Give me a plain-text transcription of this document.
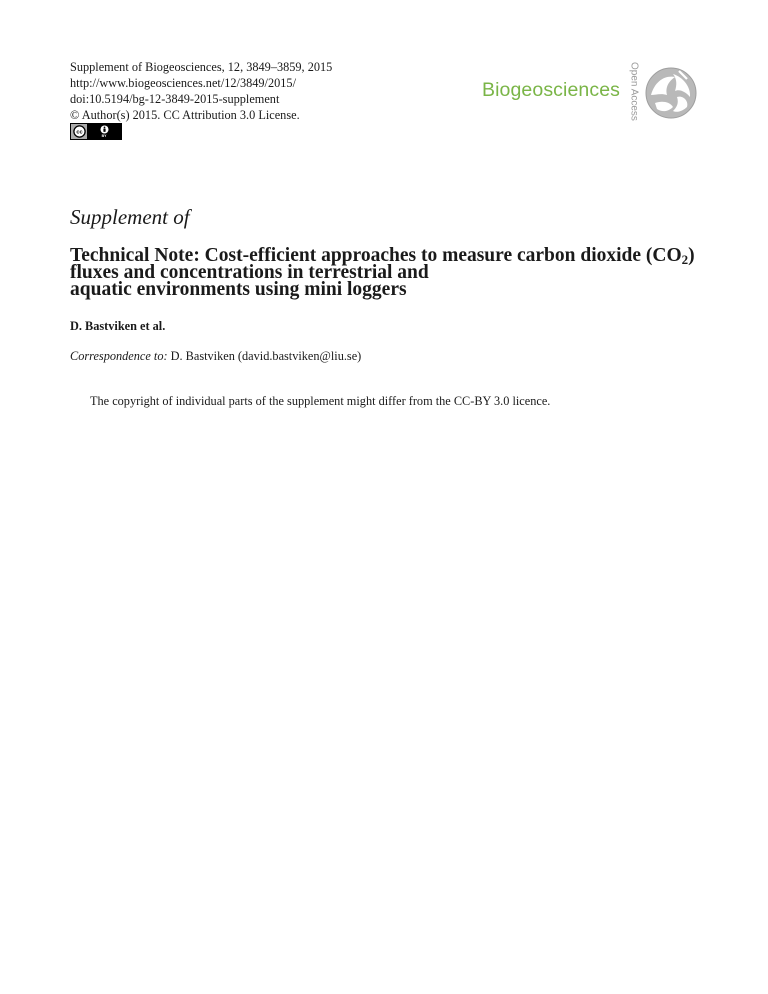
Supplement of Biogeosciences, 12, 3849–3859, 2015
http://www.biogeosciences.net/12/3849/2015/
doi:10.5194/bg-12-3849-2015-supplement
© Author(s) 2015. CC Attribution 3.0 License.
cc
BY
Biogeosciences Open Access
Supplement of
Technical Note: Cost-efficient approaches to measure carbon dioxide $(CO_2)$
fluxes and concentrations in terrestrial and
aquatic environments using mini loggers
D. Bastviken et al.
Correspondence to: D. Bastviken (david.bastviken@liu.se)
The copyright of individual parts of the supplement might differ from the CC-BY 3.0 licence.
